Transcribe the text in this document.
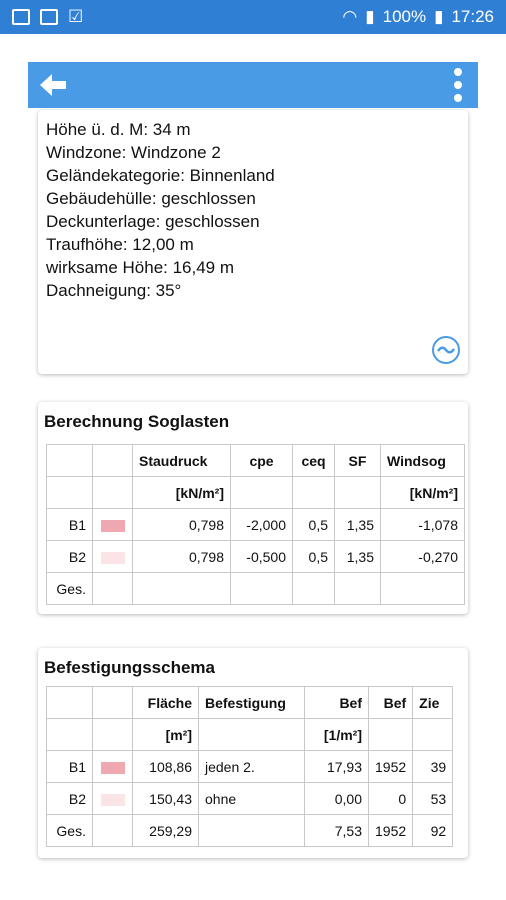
☑	◠ ▮ 100% ▮ 17:26
Höhe ü. d. M: 34 m
Windzone: Windzone 2
Geländekategorie: Binnenland
Gebäudehülle: geschlossen
Deckunterlage: geschlossen
Traufhöhe: 12,00 m
wirksame Höhe: 16,49 m
Dachneigung: 35°
Berechnung Soglasten
		Staudruck	cpe	ceq	SF	Windsog
		[kN/m²]				[kN/m²]
B1		0,798	-2,000	0,5	1,35	-1,078
B2		0,798	-0,500	0,5	1,35	-0,270
Ges.						
Befestigungsschema
		Fläche	Befestigung	Bef	Bef	Zie
		[m²]		[1/m²]		
B1		108,86	jeden 2.	17,93	1952	39
B2		150,43	ohne	0,00	0	53
Ges.		259,29		7,53	1952	92
